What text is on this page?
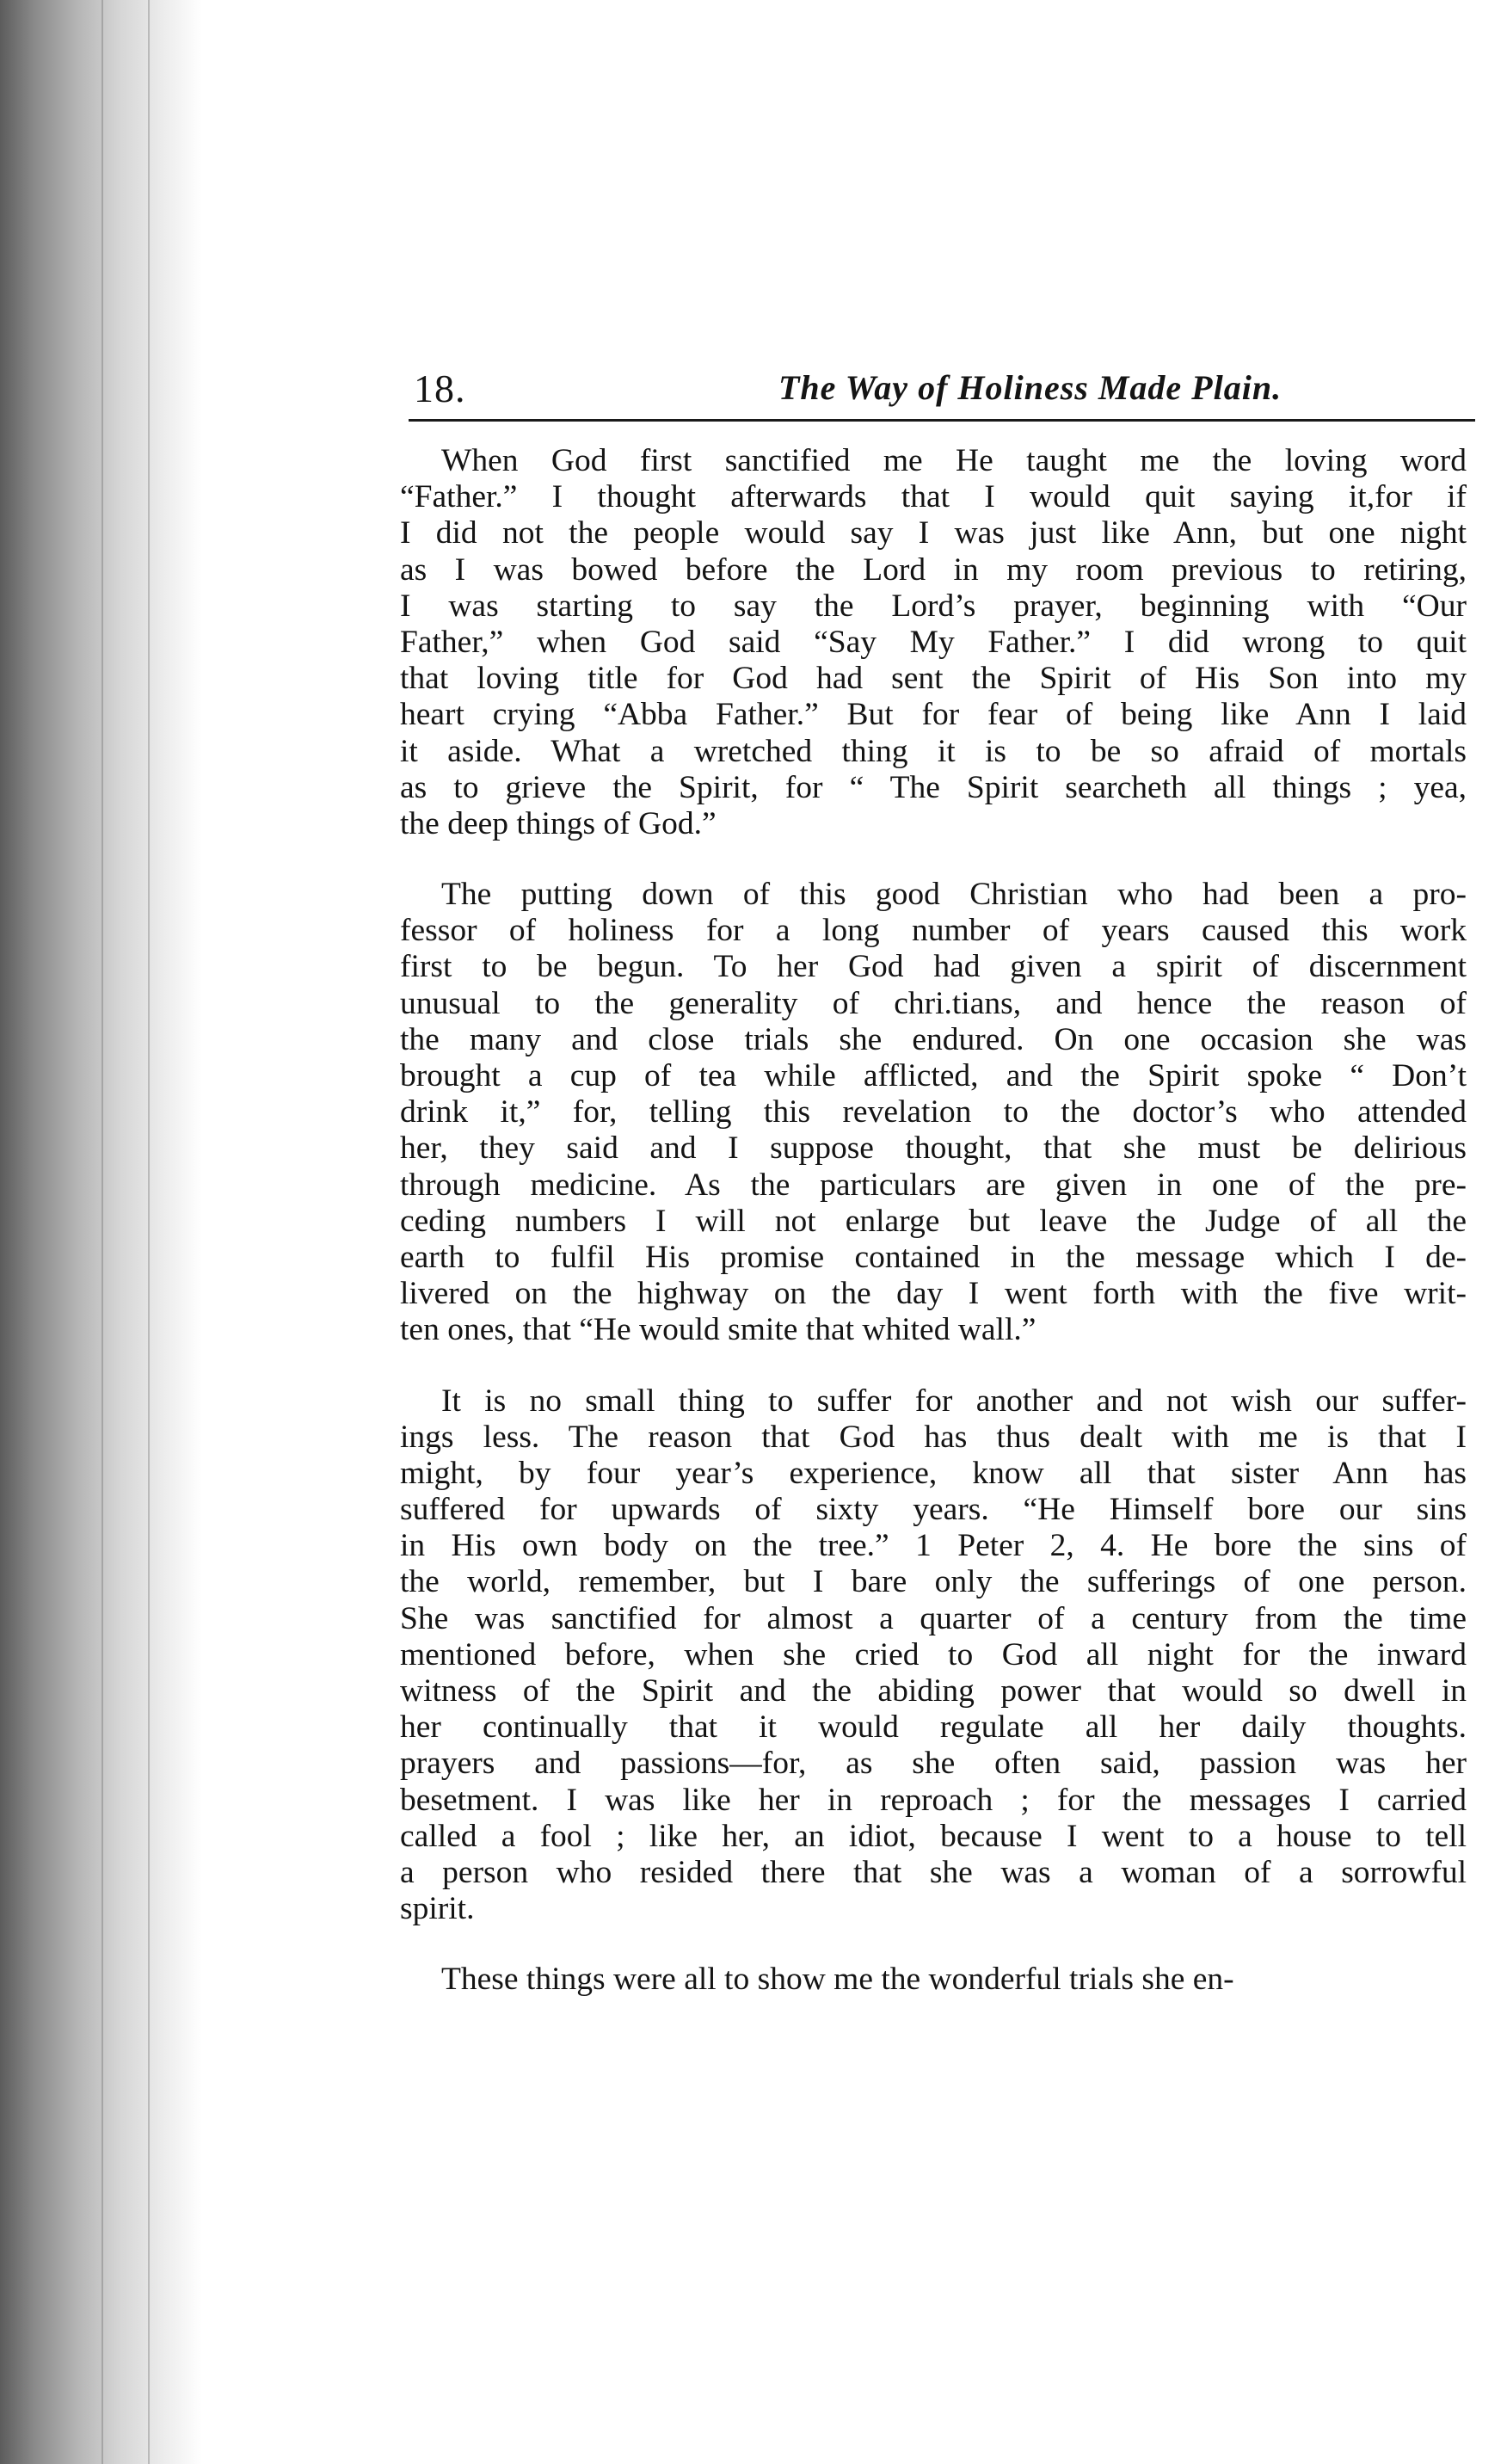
18.	The Way of Holiness Made Plain.
When God first sanctified me He taught me the loving word
“Father.” I thought afterwards that I would quit saying it,for if
I did not the people would say I was just like Ann, but one night
as I was bowed before the Lord in my room previous to retiring,
I was starting to say the Lord’s prayer, beginning with “Our
Father,” when God said “Say My Father.” I did wrong to quit
that loving title for God had sent the Spirit of His Son into my
heart crying “Abba Father.” But for fear of being like Ann I laid
it aside. What a wretched thing it is to be so afraid of mortals
as to grieve the Spirit, for “ The Spirit searcheth all things ; yea,
the deep things of God.”
The putting down of this good Christian who had been a pro-
fessor of holiness for a long number of years caused this work
first to be begun. To her God had given a spirit of discernment
unusual to the generality of chri.tians, and hence the reason of
the many and close trials she endured. On one occasion she was
brought a cup of tea while afflicted, and the Spirit spoke “ Don’t
drink it,” for, telling this revelation to the doctor’s who attended
her, they said and I suppose thought, that she must be delirious
through medicine. As the particulars are given in one of the pre-
ceding numbers I will not enlarge but leave the Judge of all the
earth to fulfil His promise contained in the message which I de-
livered on the highway on the day I went forth with the five writ-
ten ones, that “He would smite that whited wall.”
It is no small thing to suffer for another and not wish our suffer-
ings less. The reason that God has thus dealt with me is that I
might, by four year’s experience, know all that sister Ann has
suffered for upwards of sixty years. “He Himself bore our sins
in His own body on the tree.” 1 Peter 2, 4. He bore the sins of
the world, remember, but I bare only the sufferings of one person.
She was sanctified for almost a quarter of a century from the time
mentioned before, when she cried to God all night for the inward
witness of the Spirit and the abiding power that would so dwell in
her continually that it would regulate all her daily thoughts.
prayers and passions—for, as she often said, passion was her
besetment. I was like her in reproach ; for the messages I carried
called a fool ; like her, an idiot, because I went to a house to tell
a person who resided there that she was a woman of a sorrowful
spirit.
These things were all to show me the wonderful trials she en-
